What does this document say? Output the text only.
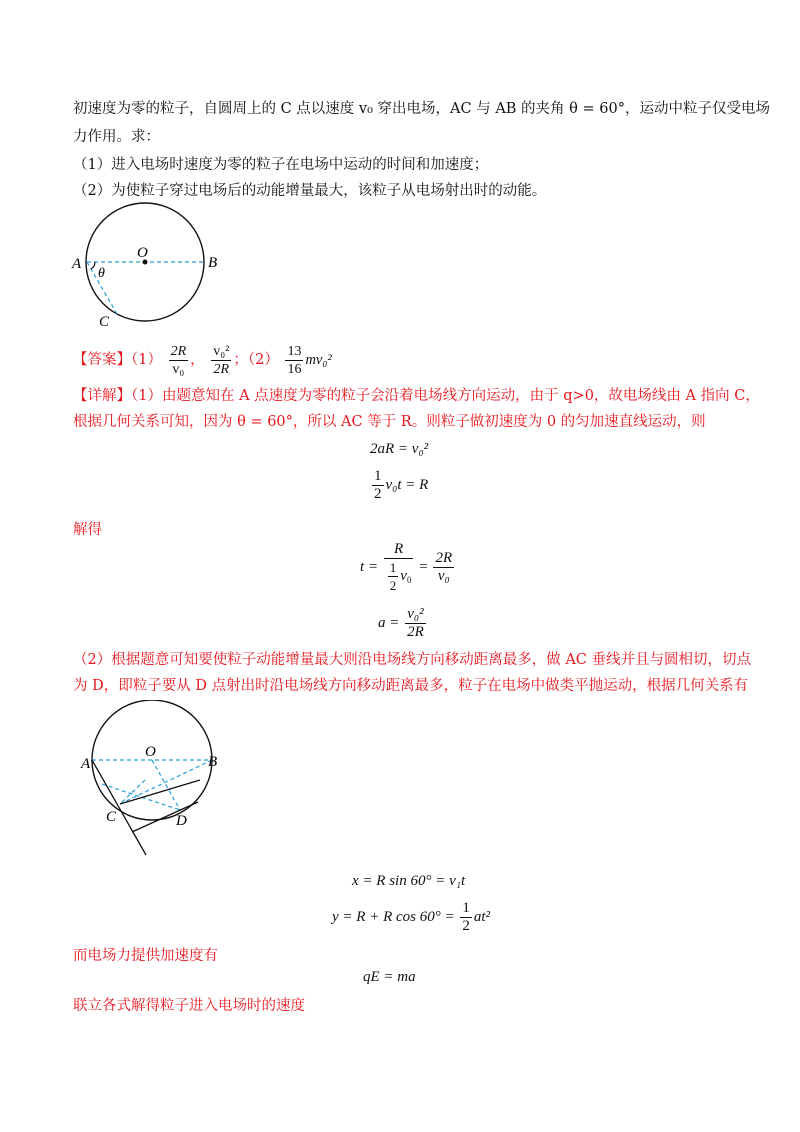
初速度为零的粒子，自圆周上的 C 点以速度 v₀ 穿出电场，AC 与 AB 的夹角 θ = 60°，运动中粒子仅受电场
力作用。求：
（1）进入电场时速度为零的粒子在电场中运动的时间和加速度；
（2）为使粒子穿过电场后的动能增量最大，该粒子从电场射出时的动能。
O
A	B
θ
C
【答案】$(1) \frac{2R}{\text{v₀}}$ ， $\frac{\text{v₀²}}{2R}$ ；$(2) \frac{13}{16} mv_0^2$
【详解】（1）由题意知在 A 点速度为零的粒子会沿着电场线方向运动，由于 q>0，故电场线由 A 指向 C，
根据几何关系可知，因为 θ = 60°，所以 AC 等于 R。则粒子做初速度为 0 的匀加速直线运动，则
2aR = v₀²
$\frac{1}{2} v_0t = R$
解得
$t = \frac{R}{\frac{1}{2} v_0} = \frac{2R}{\text{v₀}}$
$a = \frac{\text{v₀²}}{2R}$
（2）根据题意可知要使粒子动能增量最大则沿电场线方向移动距离最多，做 AC 垂线并且与圆相切，切点
为 D，即粒子要从 D 点射出时沿电场线方向移动距离最多，粒子在电场中做类平抛运动，根据几何关系有
O
A	B
C	D
x = R sin 60° = v₁t
y = R + R $\cos 60^\circ = \frac{1}{2} at^2$
而电场力提供加速度有
qE = ma
联立各式解得粒子进入电场时的速度
